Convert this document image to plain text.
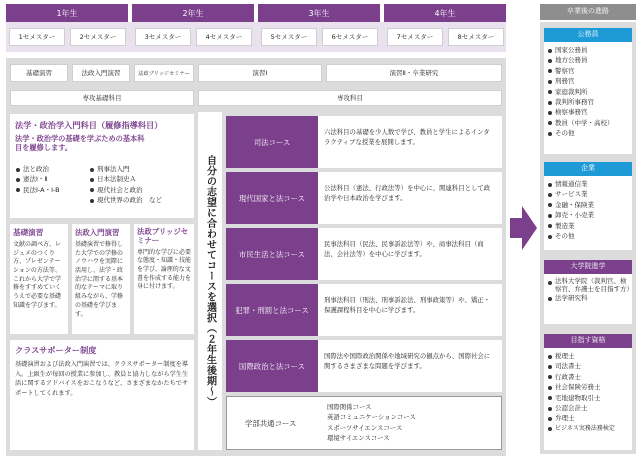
1年生	2年生	3年生	4年生
1セメスター	2セメスター	3セメスター	4セメスター	5セメスター	6セメスター	7セメスター	8セメスター
基礎演習	法政入門演習	法政ブリッジセミナー	演習Ⅰ	演習Ⅱ・卒業研究
専攻基礎科目	専攻科目
法学・政治学入門科目（履修指導科目）
法学・政治学の基礎を学ぶための基本科目を履修します。
法と政治
憲法Ⅰ・Ⅱ
民法Ⅰ-A・Ⅰ-B
刑事法入門
日本法制史Ａ
現代社会と政治
現代世界の政治　など
基礎演習
文献の調べ方、レジュメのつくり方、プレゼンテーションの方法等、これから大学で学修をすすめていくうえで必要な基礎知識を学びます。
法政入門演習
基礎演習で修得した大学での学修のノウハウを実際に活用し、法学・政治学に関する基本的なテーマに取り組みながら、学修の基礎を学びます。
法政ブリッジセミナー
専門的な学びに必要な態度・知識・技能を学び、論理的な文書を作成する能力を身に付けます。
クラスサポーター制度
基礎演習および法政入門演習では、クラスサポーター制度を導入。上級生が毎回の授業に参加し、教員と協力しながら学生生活に関するアドバイスをおこなうなど、さまざまなかたちでサポートしてくれます。	自分の志望に合わせてコースを選択（２年生後期～）
司法コース
六法科目の基礎を少人数で学び、教員と学生によるインタラクティブな授業を展開します。
現代国家と法コース
公法科目（憲法、行政法等）を中心に、関連科目として政治学や日本政治を学びます。
市民生活と法コース
民事法科目（民法、民事訴訟法等）や、商事法科目（商法、会社法等）を中心に学びます。
犯罪・刑罰と法コース
刑事法科目（刑法、刑事訴訟法、刑事政策等）や、矯正・保護課程科目を中心に学びます。
国際政治と法コース
国際法や国際政治関係や地域研究の観点から、国際社会に関するさまざまな問題を学びます。
学部共通コース
国際関係コース
英語コミュニケーションコース
スポーツサイエンスコース
環境サイエンスコース
卒業後の進路
公務員
国家公務員
地方公務員
警察官
刑務官
家庭裁判所
裁判所事務官
検察事務官
教員（中学・高校）
その他
企業
情報通信業
サービス業
金融・保険業
卸売・小売業
製造業
その他
大学院進学
法科大学院（裁判官、検察官、弁護士を目指す方）
法学研究科
目指す資格
税理士
司法書士
行政書士
社会保険労務士
宅地建物取引士
公認会計士
弁理士
ビジネス実務法務検定
